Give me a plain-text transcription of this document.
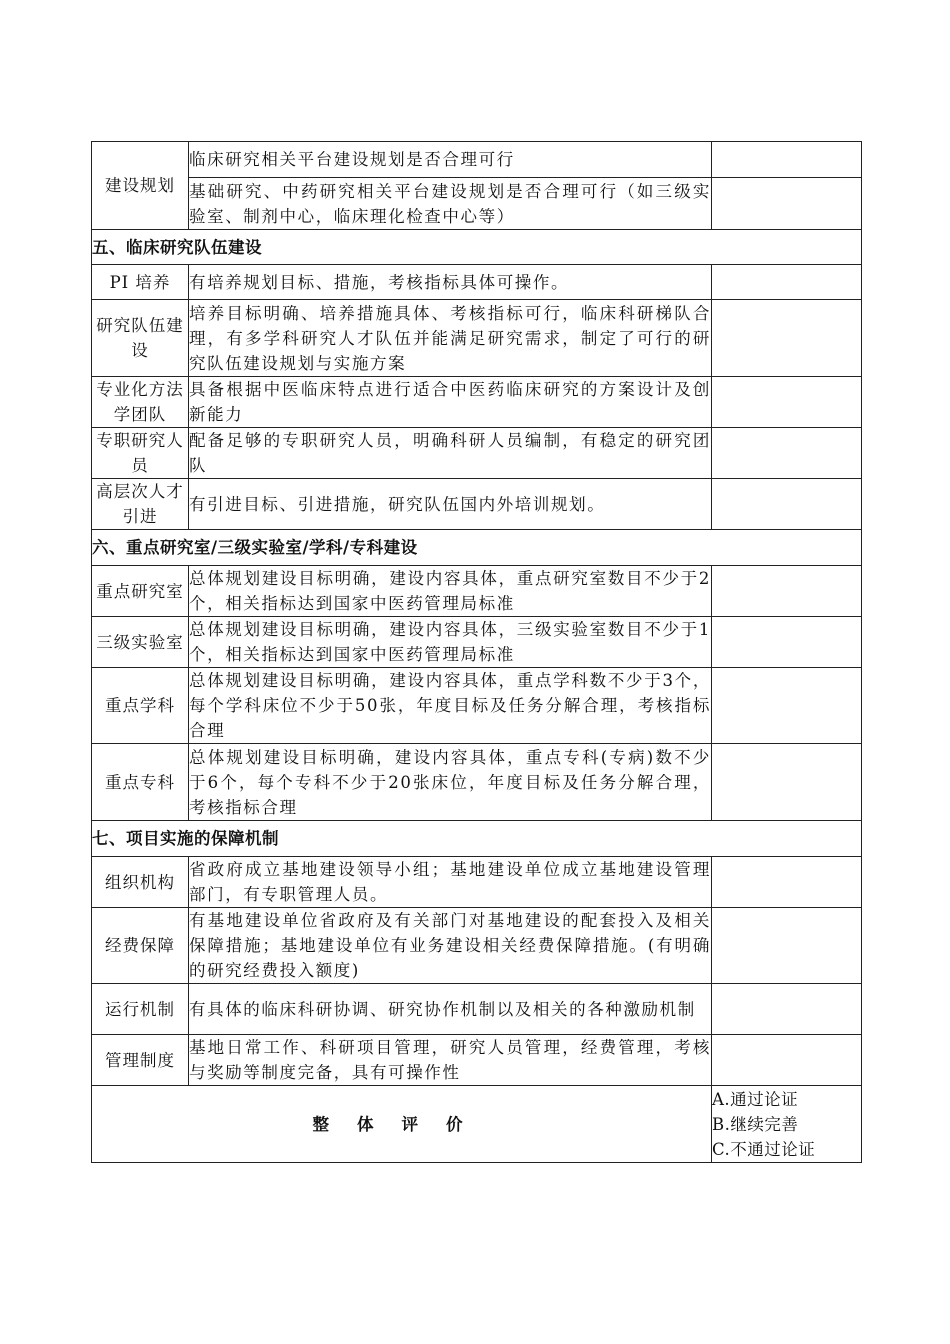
建设规划	临床研究相关平台建设规划是否合理可行	
	基础研究、中药研究相关平台建设规划是否合理可行（如三级实验室、制剂中心，临床理化检查中心等）	
五、临床研究队伍建设		
PI 培养	有培养规划目标、措施，考核指标具体可操作。	
研究队伍建设	培养目标明确、培养措施具体、考核指标可行，临床科研梯队合理，有多学科研究人才队伍并能满足研究需求，制定了可行的研究队伍建设规划与实施方案	
专业化方法学团队	具备根据中医临床特点进行适合中医药临床研究的方案设计及创新能力	
专职研究人员	配备足够的专职研究人员，明确科研人员编制，有稳定的研究团队	
高层次人才引进	有引进目标、引进措施，研究队伍国内外培训规划。	
六、重点研究室/三级实验室/学科/专科建设		
重点研究室	总体规划建设目标明确，建设内容具体，重点研究室数目不少于2个，相关指标达到国家中医药管理局标准	
三级实验室	总体规划建设目标明确，建设内容具体，三级实验室数目不少于1个，相关指标达到国家中医药管理局标准	
重点学科	总体规划建设目标明确，建设内容具体，重点学科数不少于3个，每个学科床位不少于50张，年度目标及任务分解合理，考核指标合理	
重点专科	总体规划建设目标明确，建设内容具体，重点专科(专病)数不少于6个，每个专科不少于20张床位，年度目标及任务分解合理，考核指标合理	
七、项目实施的保障机制		
组织机构	省政府成立基地建设领导小组；基地建设单位成立基地建设管理部门，有专职管理人员。	
经费保障	有基地建设单位省政府及有关部门对基地建设的配套投入及相关保障措施；基地建设单位有业务建设相关经费保障措施。(有明确的研究经费投入额度)	
运行机制	有具体的临床科研协调、研究协作机制以及相关的各种激励机制	
管理制度	基地日常工作、科研项目管理，研究人员管理，经费管理，考核与奖励等制度完备，具有可操作性	
整体评价		A.通过论证
B.继续完善
C.不通过论证
